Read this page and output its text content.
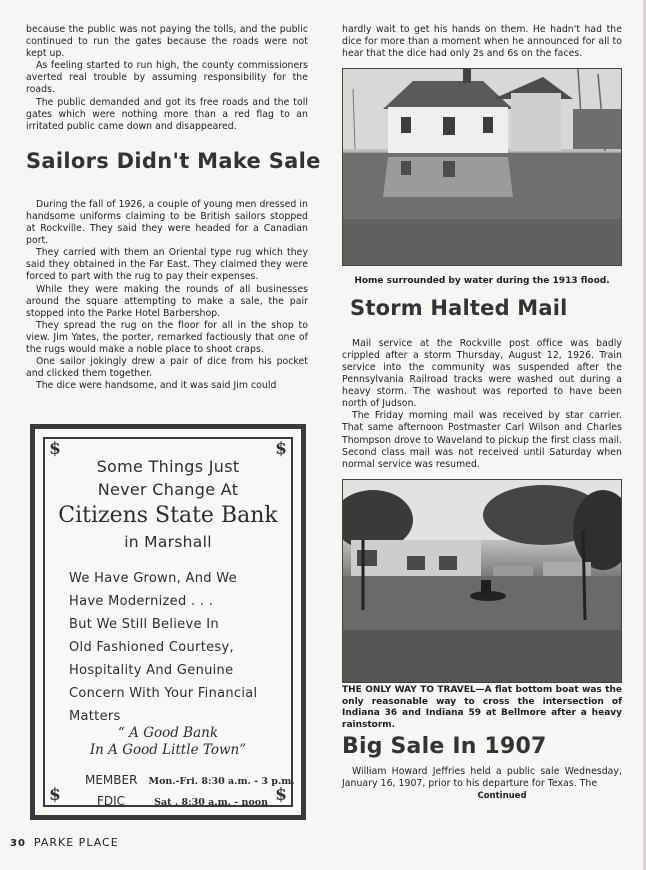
because the public was not paying the tolls, and the public continued to run the gates because the roads were not kept up.

As feeling started to run high, the county commissioners averted real trouble by assuming responsibility for the roads.

The public demanded and got its free roads and the toll gates which were nothing more than a red flag to an irritated public came down and disappeared.

Sailors Didn't Make Sale

During the fall of 1926, a couple of young men dressed in handsome uniforms claiming to be British sailors stopped at Rockville. They said they were headed for a Canadian port.

They carried with them an Oriental type rug which they said they obtained in the Far East. They claimed they were forced to part with the rug to pay their expenses.

While they were making the rounds of all businesses around the square attempting to make a sale, the pair stopped into the Parke Hotel Barbershop.

They spread the rug on the floor for all in the shop to view. Jim Yates, the porter, remarked factiously that one of the rugs would make a noble place to shoot craps.

One sailor jokingly drew a pair of dice from his pocket and clicked them together.

The dice were handsome, and it was said Jim could

$	$
$	$
Some Things Just
Never Change At
Citizens State Bank
in Marshall
We Have Grown, And We
Have Modernized . . .
But We Still Believe In
Old Fashioned Courtesy,
Hospitality And Genuine
Concern With Your Financial
Matters
“ A Good Bank
In A Good Little Town”
MEMBER Mon.-Fri. 8:30 a.m. - 3 p.m.
FDIC	Sat . 8:30 a.m. - noon

hardly wait to get his hands on them. He hadn't had the dice for more than a moment when he announced for all to hear that the dice had only 2s and 6s on the faces.

Home surrounded by water during the 1913 flood.
Storm Halted Mail

Mail service at the Rockville post office was badly crippled after a storm Thursday, August 12, 1926. Train service into the community was suspended after the Pennsylvania Railroad tracks were washed out during a heavy storm. The washout was reported to have been north of Judson.

The Friday morning mail was received by star carrier. That same afternoon Postmaster Carl Wilson and Charles Thompson drove to Waveland to pickup the first class mail. Second class mail was not received until Saturday when normal service was resumed.

THE ONLY WAY TO TRAVEL—A flat bottom boat was the only reasonable way to cross the intersection of Indiana 36 and Indiana 59 at Bellmore after a heavy rainstorm.
Big Sale In 1907

William Howard Jeffries held a public sale Wednesday, January 16, 1907, prior to his departure for Texas. The

Continued
30 PARKE PLACE
